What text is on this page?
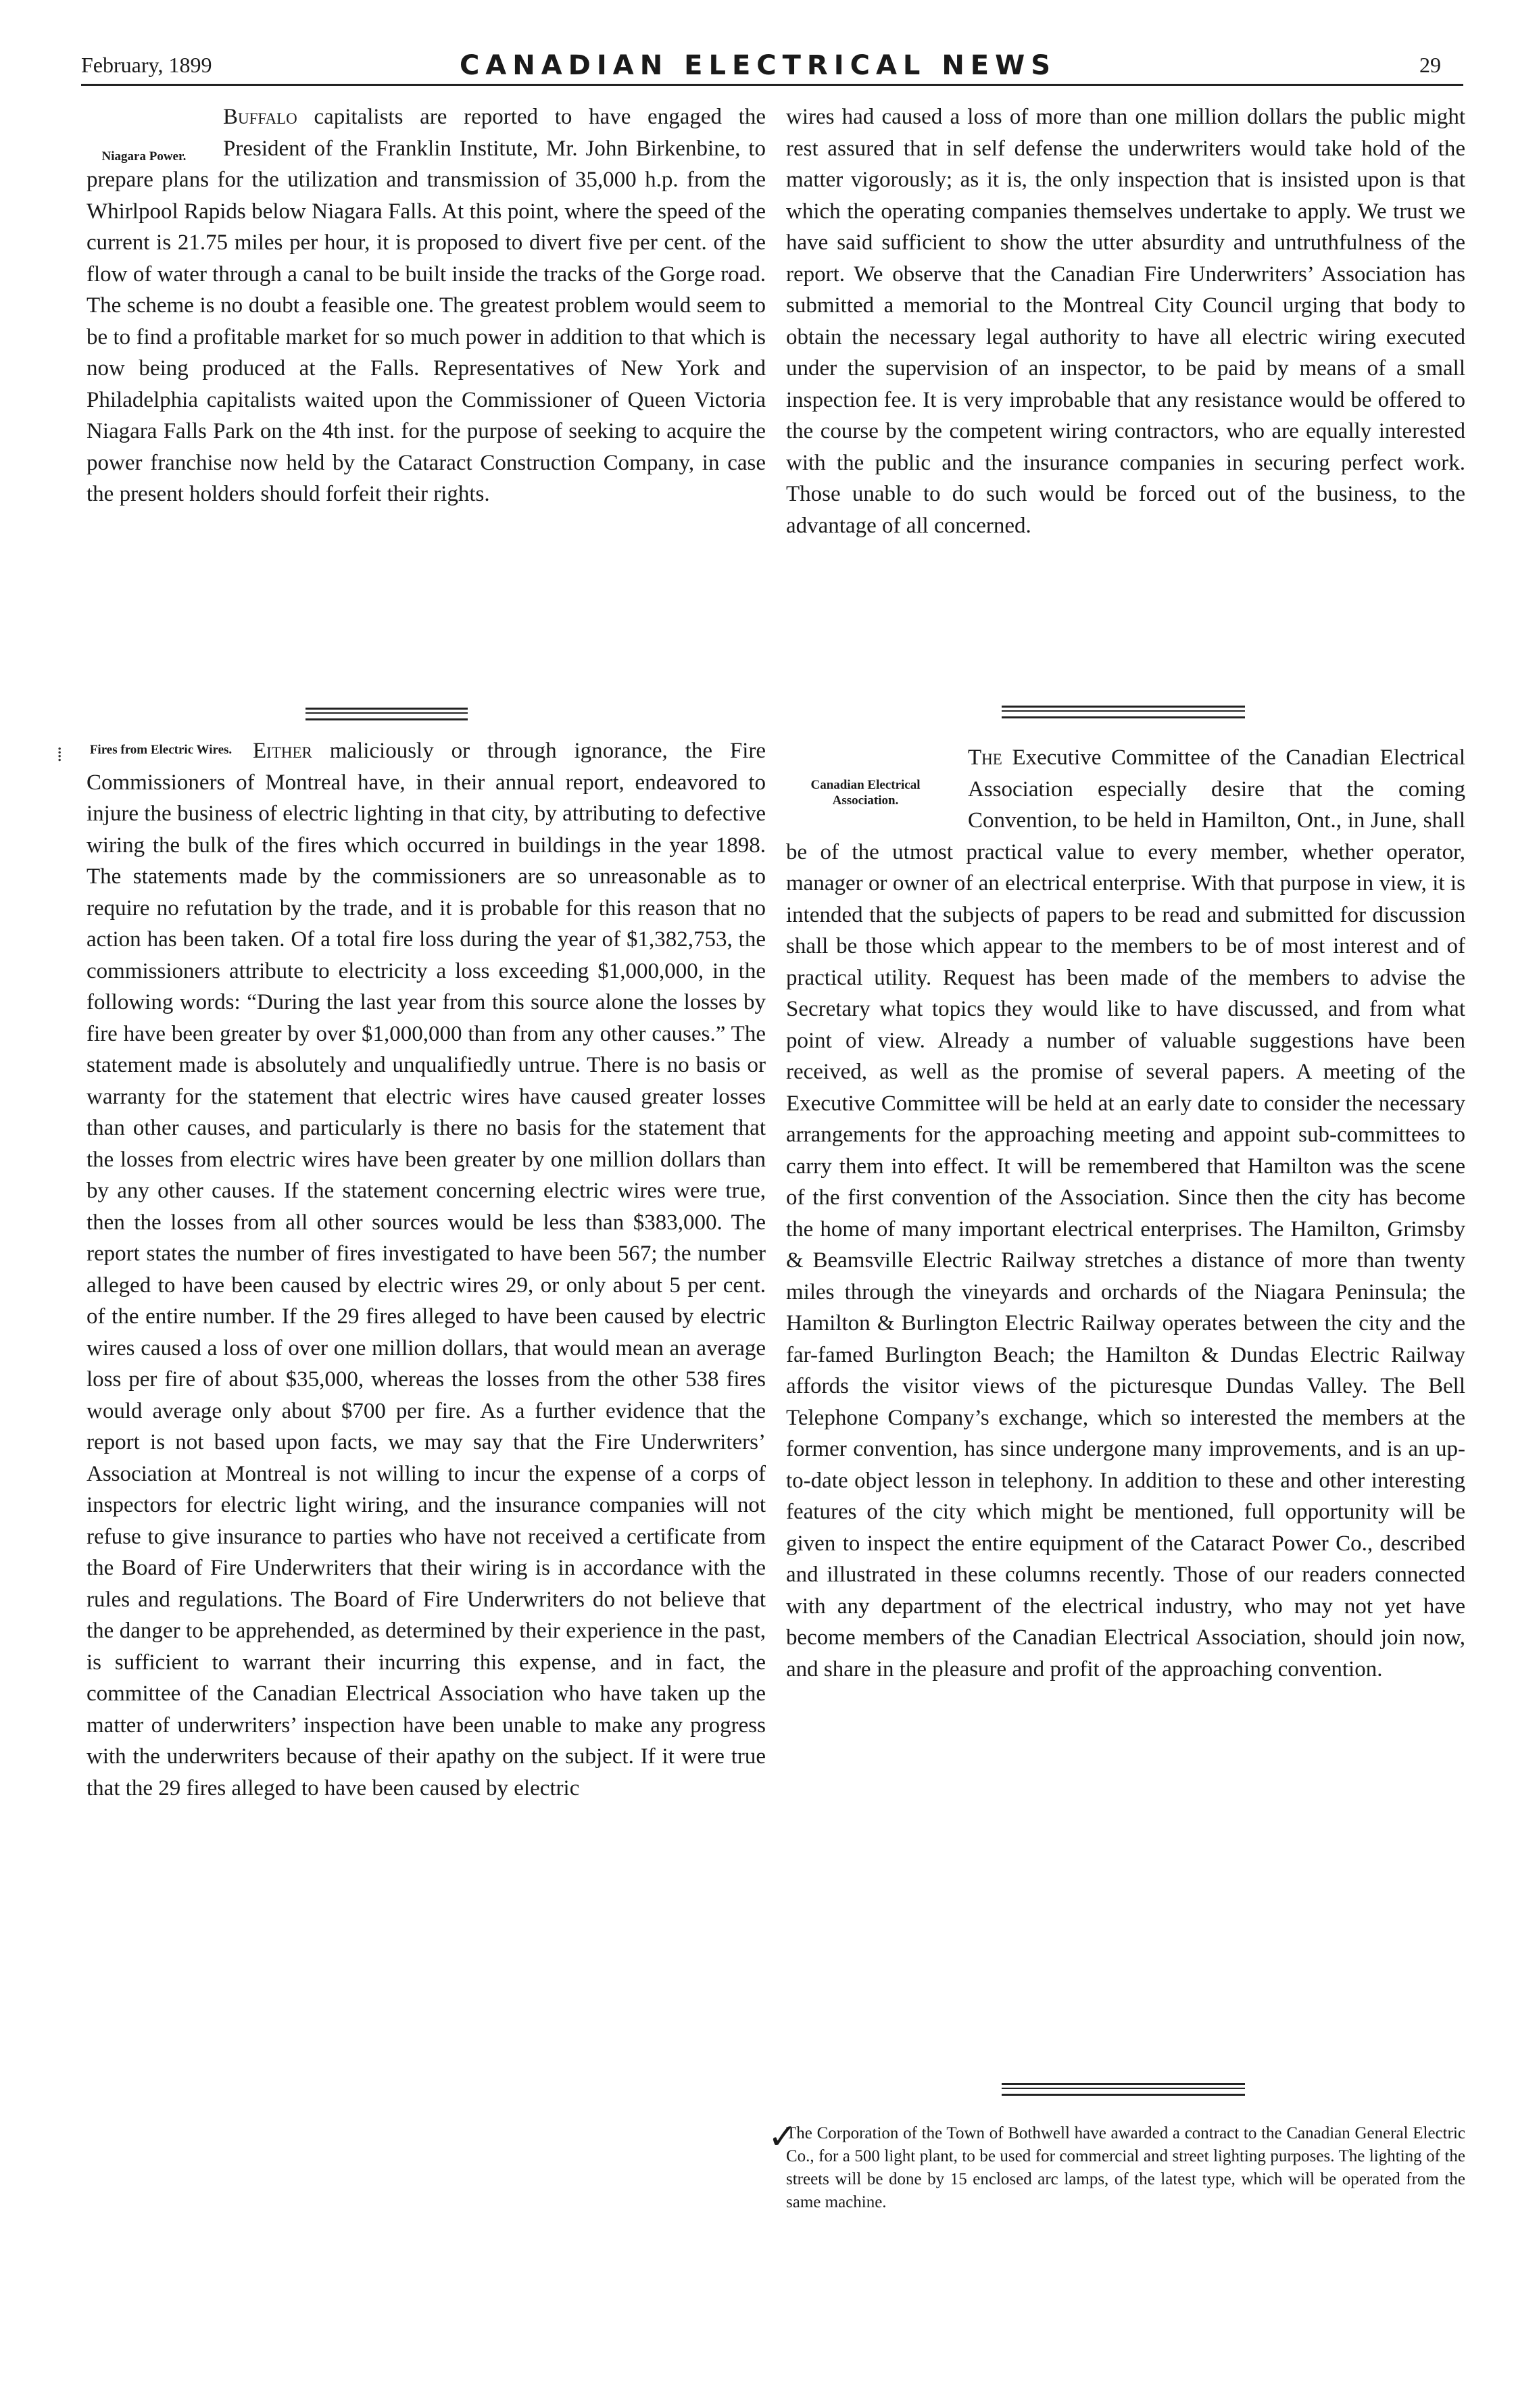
February, 1899	CANADIAN ELECTRICAL NEWS	29

Niagara Power.
Buffalo capitalists are reported to have engaged the President of the Franklin Institute, Mr. John Birkenbine, to prepare plans for the utilization and transmission of 35,000 h.p. from the Whirlpool Rapids below Niagara Falls. At this point, where the speed of the current is 21.75 miles per hour, it is proposed to divert five per cent. of the flow of water through a canal to be built inside the tracks of the Gorge road. The scheme is no doubt a feasible one. The greatest problem would seem to be to find a profitable market for so much power in addition to that which is now being produced at the Falls. Representatives of New York and Philadelphia capitalists waited upon the Commissioner of Queen Victoria Niagara Falls Park on the 4th inst. for the purpose of seeking to acquire the power franchise now held by the Cataract Construction Company, in case the present holders should forfeit their rights.

⁞ Fires from Electric Wires. Either maliciously or through ignorance, the Fire Commissioners of Montreal have, in their annual report, endeavored to injure the business of electric lighting in that city, by attributing to defective wiring the bulk of the fires which occurred in buildings in the year 1898. The statements made by the commissioners are so unreasonable as to require no refutation by the trade, and it is probable for this reason that no action has been taken. Of a total fire loss during the year of $1,382,753, the commissioners attribute to electricity a loss exceeding $1,000,000, in the following words: “During the last year from this source alone the losses by fire have been greater by over $1,000,000 than from any other causes.” The statement made is absolutely and unqualifiedly untrue. There is no basis or warranty for the statement that electric wires have caused greater losses than other causes, and particularly is there no basis for the statement that the losses from electric wires have been greater by one million dollars than by any other causes. If the statement concerning electric wires were true, then the losses from all other sources would be less than $383,000. The report states the number of fires investigated to have been 567; the number alleged to have been caused by electric wires 29, or only about 5 per cent. of the entire number. If the 29 fires alleged to have been caused by electric wires caused a loss of over one million dollars, that would mean an average loss per fire of about $35,000, whereas the losses from the other 538 fires would average only about $700 per fire. As a further evidence that the report is not based upon facts, we may say that the Fire Underwriters’ Association at Montreal is not willing to incur the expense of a corps of inspectors for electric light wiring, and the insurance companies will not refuse to give insurance to parties who have not received a certificate from the Board of Fire Underwriters that their wiring is in accordance with the rules and regulations. The Board of Fire Underwriters do not believe that the danger to be apprehended, as determined by their experience in the past, is sufficient to warrant their incurring this expense, and in fact, the committee of the Canadian Electrical Association who have taken up the matter of underwriters’ inspection have been unable to make any progress with the underwriters because of their apathy on the subject. If it were true that the 29 fires alleged to have been caused by electric

wires had caused a loss of more than one million dollars the public might rest assured that in self defense the underwriters would take hold of the matter vigorously; as it is, the only inspection that is insisted upon is that which the operating companies themselves undertake to apply. We trust we have said sufficient to show the utter absurdity and untruthfulness of the report. We observe that the Canadian Fire Underwriters’ Association has submitted a memorial to the Montreal City Council urging that body to obtain the necessary legal authority to have all electric wiring executed under the supervision of an inspector, to be paid by means of a small inspection fee. It is very improbable that any resistance would be offered to the course by the competent wiring contractors, who are equally interested with the public and the insurance companies in securing perfect work. Those unable to do such would be forced out of the business, to the advantage of all concerned.

Canadian Electrical Association.
The Executive Committee of the Canadian Electrical Association especially desire that the coming Convention, to be held in Hamilton, Ont., in June, shall be of the utmost practical value to every member, whether operator, manager or owner of an electrical enterprise. With that purpose in view, it is intended that the subjects of papers to be read and submitted for discussion shall be those which appear to the members to be of most interest and of practical utility. Request has been made of the members to advise the Secretary what topics they would like to have discussed, and from what point of view. Already a number of valuable suggestions have been received, as well as the promise of several papers. A meeting of the Executive Committee will be held at an early date to consider the necessary arrangements for the approaching meeting and appoint sub-committees to carry them into effect. It will be remembered that Hamilton was the scene of the first convention of the Association. Since then the city has become the home of many important electrical enterprises. The Hamilton, Grimsby & Beamsville Electric Railway stretches a distance of more than twenty miles through the vineyards and orchards of the Niagara Peninsula; the Hamilton & Burlington Electric Railway operates between the city and the far-famed Burlington Beach; the Hamilton & Dundas Electric Railway affords the visitor views of the picturesque Dundas Valley. The Bell Telephone Company’s exchange, which so interested the members at the former convention, has since undergone many improvements, and is an up-to-date object lesson in telephony. In addition to these and other interesting features of the city which might be mentioned, full opportunity will be given to inspect the entire equipment of the Cataract Power Co., described and illustrated in these columns recently. Those of our readers connected with any department of the electrical industry, who may not yet have become members of the Canadian Electrical Association, should join now, and share in the pleasure and profit of the approaching convention.

✓

The Corporation of the Town of Bothwell have awarded a contract to the Canadian General Electric Co., for a 500 light plant, to be used for commercial and street lighting purposes. The lighting of the streets will be done by 15 enclosed arc lamps, of the latest type, which will be operated from the same machine.
